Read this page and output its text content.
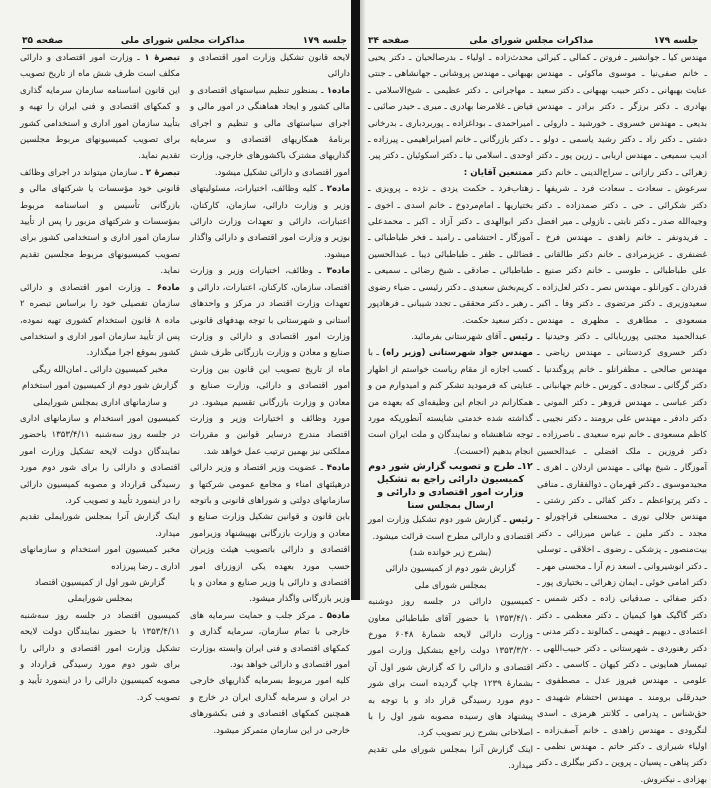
صفحه ۳۵	مذاکرات مجلس شورای ملی	جلسه ۱۷۹
لایحه قانون تشکیل وزارت امور اقتصادی و دارائی
ماده۱ ـ بمنظور تنظیم سیاستهای اقتصادی و مالی کشور و ایجاد هماهنگی در امور مالی و اجرای سیاستهای مالی و تنظیم و اجرای برنامهٔ همکاریهای اقتصادی و سرمایه گذاریهای مشترک باکشورهای خارجی، وزارت امور اقتصادی و دارائی تشکیل میشود.
ماده۲ ـ کلیه وظائف، اختیارات، مسئولیتهای وزیر و وزارت دارائی، سازمان، کارکنان، اعتبارات، دارائی و تعهدات وزارت دارائی بوزیر و وزارت امور اقتصادی و دارائی واگذار میشود.
ماده۳ ـ وظائف، اختیارات وزیر و وزارت اقتصاد، سازمان، کارکنان، اعتبارات، دارائی و تعهدات وزارت اقتصاد در مرکز و واحدهای استانی و شهرستانی با توجه بهدفهای قانونی وزارت امور اقتصادی و دارائی و وزارت صنایع و معادن و وزارت بازرگانی ظرف شش ماه از تاریخ تصویب این قانون بین وزارت امور اقتصادی و دارائی، وزارت صنایع و معادن و وزارت بازرگانی تقسیم میشود. در مورد وظائف و اختیارات وزیر و وزارت اقتصاد مندرج درسایر قوانین و مقررات مملکتی نیز بهمین ترتیب عمل خواهد شد.
ماده۴ ـ عضویت وزیر اقتصاد و وزیر دارائی درهیئتهای امناء و مجامع عمومی شرکتها و سازمانهای دولتی و شوراهای قانونی و باتوجه باین قانون و قوانین تشکیل وزارت صنایع و معادن و وزارت بازرگانی بهپیشنهاد وزیرامور اقتصادی و دارائی باتصویب هیئت وزیران حسب مورد بعهده یکی ازوزرای امور اقتصادی و دارائی یا وزیر صنایع و معادن و یا وزیر بازرگانی واگذار میشود.
ماده۵ ـ مرکز جلب و حمایت سرمایه های خارجی با تمام سازمان، سرمایه گذاری و کمکهای اقتصادی و فنی ایران وابسته بوزارت امور اقتصادی و دارائی خواهد بود.
کلیه امور مربوط بسرمایه گذاریهای خارجی در ایران و سرمایه گذاری ایران در خارج و همچنین کمکهای اقتصادی و فنی بکشورهای خارجی در این سازمان متمرکز میشود.
تبصرهٔ ۱ ـ وزارت امور اقتصادی و دارائی مکلف است ظرف شش ماه از تاریخ تصویب این قانون اساسنامه سازمان سرمایه گذاری و کمکهای اقتصادی و فنی ایران را تهیه و بتأیید سازمان امور اداری و استخدامی کشور برای تصویب کمیسیونهای مربوط مجلسین تقدیم نماید.
تبصرهٔ ۲ ـ سازمان میتواند در اجرای وظائف قانونی خود مؤسسات یا شرکتهای مالی و بازرگانی تأسیس و اساسنامه مربوط بمؤسسات و شرکتهای مزبور را پس از تأیید سازمان امور اداری و استخدامی کشور برای تصویب کمیسیونهای مربوط مجلسین تقدیم نماید.
ماده۶ ـ وزارت امور اقتصادی و دارائی سازمان تفصیلی خود را براساس تبصره ۲ ماده ۸ قانون استخدام کشوری تهیه نموده، پس از تأیید سازمان امور اداری و استخدامی کشور بموقع اجرا میگذارد.
مخبر کمیسیون دارائی ـ امان‌الله ریگی
گزارش شور دوم از کمیسیون امور استخدام و سازمانهای اداری بمجلس شورایملی
کمیسیون امور استخدام و سازمانهای اداری در جلسه روز سه‌شنبه ۱۳۵۳/۴/۱۱ باحضور نمایندگان دولت لایحه تشکیل وزارت امور اقتصادی و دارائی را برای شور دوم مورد رسیدگی قرارداد و مصوبه کمیسیون دارائی را در اینمورد تأیید و تصویب کرد.
اینک گزارش آنرا بمجلس شورایملی تقدیم میدارد.
مخبر کمیسیون امور استخدام و سازمانهای اداری ـ رضا پیرزاده
گزارش شور اول از کمیسیون اقتصاد
بمجلس شورایملی
کمیسیون اقتصاد در جلسه روز سه‌شنبه ۱۳۵۳/۴/۱۱ با حضور نمایندگان دولت لایحه تشکیل وزارت امور اقتصادی و دارائی را برای شور دوم مورد رسیدگی قرارداد و مصوبه کمیسیون دارائی را در اینمورد تأیید و تصویب کرد.
صفحه ۳۴	مذاکرات مجلس شورای ملی	جلسه ۱۷۹
مهندس کیا ـ جوانشیر ـ فروتن ـ کمالی ـ کبرائی ـ خانم صفی‌نیا ـ موسوی ماکوئی ـ مهندس عنایت بهبهانی ـ دکتر حبیب بهبهانی ـ دکتر سعید بهادری ـ دکتر برزگر ـ دکتر برادر ـ مهندس بدیعی ـ مهندس خسروی ـ خورشید ـ داروئی ـ دشتی ـ دکتر راد ـ دکتر رشید یاسمی ـ دولو ـ ادیب سمیعی ـ مهندس اربابی ـ زرین پور ـ دکتر زهرائی ـ دکتر رازانی ـ سراج‌الدینی ـ خانم دکتر سرعوش ـ سعادت ـ سعادت فرد ـ شریفها ـ دکتر شکرائی ـ حی ـ دکتر صمدزاده ـ دکتر وجیه‌الله صدر ـ دکتر نابتی ـ نازولی ـ میر افضل ـ فریدونفر ـ خانم زاهدی ـ مهندس فرخ ـ غضنفری ـ عزیزمرادی ـ خانم دکتر طالقانی ـ علی طباطبائی ـ طوسی ـ خانم دکتر صنیع ـ قدردان ـ کورانلو ـ مهندس نصر ـ دکتر لعل‌زاده ـ سعیدوزیری ـ دکتر مرتضوی ـ دکتر وفا ـ اکبر مسعودی ـ مطاهری ـ مظهری ـ مهندس عبدالحمید مجتبی پورربابائی ـ دکتر وحیدنیا ـ دکتر خسروی کردستانی ـ مهندس ریاضی ـ مهندس صالحی ـ مظفرانلو ـ خانم پروگندنیا ـ دکتر گرگانی ـ سجادی ـ کورس ـ خانم جهانبانی ـ دکتر عباسی ـ مهندس فروهر ـ دکتر المونی ـ دکتر دادفر ـ مهندس علی برومند ـ دکتر نجیبی ـ کاظم مسعودی ـ خانم نیره سعیدی ـ ناصرزاده ـ دکتر فروزین ـ ملک افضلی ـ عبدالحسین آموزگار ـ شیخ بهائی ـ مهندس اردلان ـ اهری ـ مجیدموسوی ـ دکتر قهرمان ـ ذوالفقاری ـ منافی ـ دکتر پرتواعظم ـ دکتر کفائی ـ دکتر رشتی ـ مهندس جلالی نوری ـ محسنعلی قراچورلو ـ مجدد ـ دکتر ملین ـ عباس میرزائی ـ دکتر بیت‌منصور ـ پزشکی ـ رضوی ـ اخلاقی ـ توسلی ـ دکتر انوشیروانی ـ اسعد زم آرا ـ محسنی مهر ـ دکتر امامی خوئی ـ ایمان زهرائی ـ بختیاری پور ـ دکتر صفائی ـ صدقیانی زاده ـ دکتر شمس ـ دکتر گاگیک هوا کیمیان ـ دکتر معظمی ـ دکتر اعتمادی ـ دیهیم ـ فهیمی ـ کمالوند ـ دکتر مدنی ـ دکتر رهنوردی ـ شهرستانی ـ دکتر حبیب‌اللهی ـ تیمسار همایونی ـ دکتر کیهان ـ کاسمی ـ دکتر علومی ـ مهندس فیروز عدل ـ مصطفوی ـ حیدرقلی برومند ـ مهندس احتشام شهیدی ـ حق‌شناس ـ پدرامی ـ کلانتر هرمزی ـ اسدی لنگرودی ـ مهندس زاهدی ـ خانم آصف‌زاده ـ اولیاء شیرازی ـ دکتر حاتم ـ مهندس نظمی ـ دکتر پناهی ـ پسیان ـ پروین ـ دکتر بیگلری ـ دکتر بهزادی ـ نیکنروش.
محدث‌زاده ـ اولیاء ـ بدرصالحیان ـ دکتر یحیی بهبهانی ـ مهندس پروشانی ـ جهانشاهی ـ جنتی ـ مهاجرانی ـ دکتر عظیمی ـ شیخ‌الاسلامی ـ فیاض ـ غلامرضا بهادری ـ میری ـ حیدر صائبی ـ امیراحمدی ـ بوداغزاده ـ پوربردباری ـ بدرخانی ـ دکتر بازرگانی ـ خانم امیرابراهیمی ـ پیرزاده ـ اوحدی ـ اسلامی نیا ـ دکتر اسکوئیان ـ دکتر پیر.
ممتنعین آقایان :
زهتاب‌فرد ـ حکمت یزدی ـ نژده ـ پرویزی ـ بختیاریها ـ امام‌مردوخ ـ خانم اسدی ـ اخوی ـ دکتر ابوالهدی ـ دکتر آزاد ـ اکبر ـ محمدعلی آموزگار ـ احتشامی ـ رامبد ـ فخر طباطبائی ـ فضائلی ـ ظفر ـ طباطبائی دیبا ـ عبدالحسین طباطبائی ـ صادقی ـ شیخ رضائی ـ سمیعی ـ کریم‌بخش سعیدی ـ دکتر رئیسی ـ ضیاء رضوی ـ رهبر ـ دکتر محققی ـ تجدد شیبانی ـ فرهادپور ـ دکتر سعید حکمت.
رئیس ـ آقای شهرستانی بفرمائید.
مهندس جواد شهرستانی (وزیر راه) ـ با کسب اجازه از مقام ریاست خواستم از اظهار عنایتی که فرمودید تشکر کنم و امیدوارم من و همکارانم در انجام این وظیفه‌ای که بعهده من گذاشته شده خدمتی شایسته آنطوریکه مورد توجه شاهنشاه و نمایندگان و ملت ایران است انجام بدهیم (احسنت).
۱۲ـ طرح و تصویب گزارش شور دوم کمیسیون دارائی راجع به تشکیل وزارت امور اقتصادی و دارائی و ارسال بمجلس سنا
رئیس ـ گزارش شور دوم تشکیل وزارت امور اقتصادی و دارائی مطرح است قرائت میشود.
(بشرح زیر خوانده شد)
گزارش شور دوم از کمیسیون دارائی
بمجلس شورای ملی
کمیسیون دارائی در جلسه روز دوشنبه ۱۳۵۳/۴/۱۰ با حضور آقای طباطبائی معاون وزارت دارائی لایحه شمارهٔ ۶۰۴۸ مورخ ۱۳۵۳/۳/۲۰ دولت راجع بتشکیل وزارت امور اقتصادی و دارائی را که گزارش شور اول آن بشمارهٔ ۱۲۳۹ چاپ گردیده است برای شور دوم مورد رسیدگی قرار داد و با توجه به پیشنهاد های رسیده مصوبه شور اول را با اصلاحاتی بشرح زیر تصویب کرد.
اینک گزارش آنرا بمجلس شورای ملی تقدیم میدارد.
